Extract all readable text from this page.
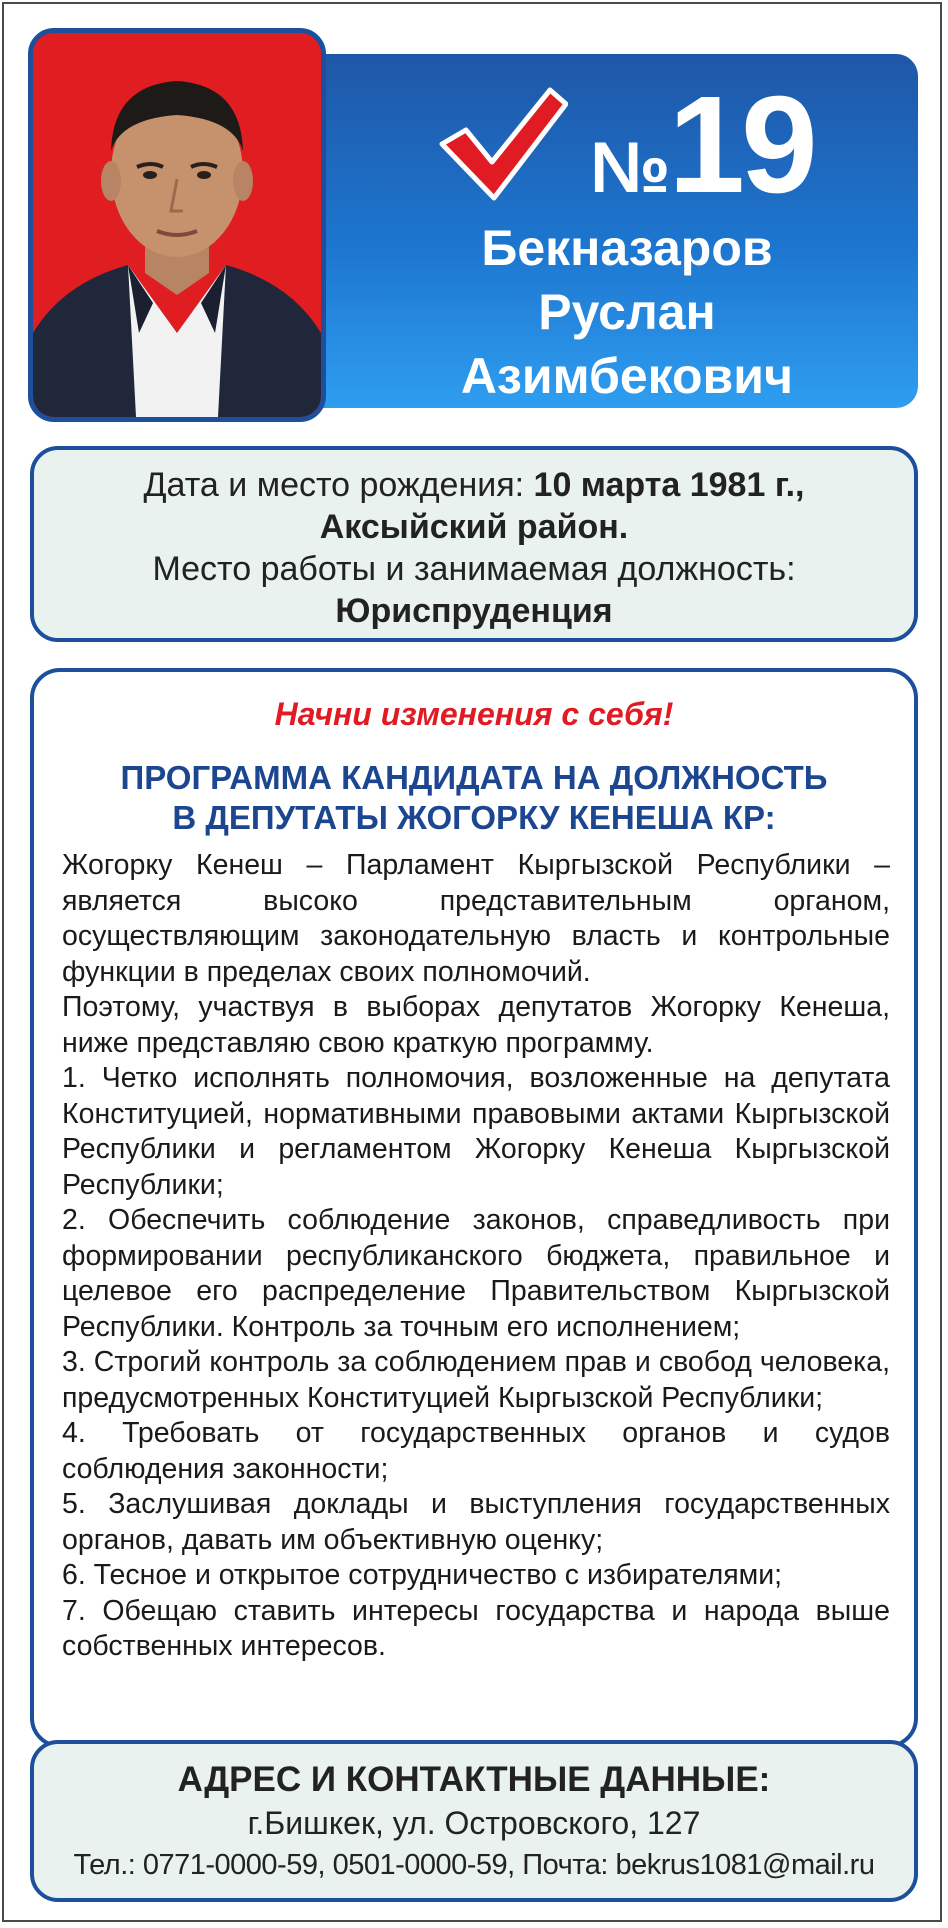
№ 19
Бекназаров
Руслан
Азимбекович
Дата и место рождения: 10 марта 1981 г.,
Аксыйский район.
Место работы и занимаемая должность:
Юриспруденция
Начни изменения с себя!
ПРОГРАММА КАНДИДАТА НА ДОЛЖНОСТЬ
В ДЕПУТАТЫ ЖОГОРКУ КЕНЕША КР:

Жогорку Кенеш – Парламент Кыргызской Республики – является высоко представительным органом, осуществляющим законодательную власть и контрольные функции в пределах своих полномочий.

Поэтому, участвуя в выборах депутатов Жогорку Кенеша, ниже представляю свою краткую программу.

1. Четко исполнять полномочия, возложенные на депутата Конституцией, нормативными правовыми актами Кыргызской Республики и регламентом Жогорку Кенеша Кыргызской Республики;

2. Обеспечить соблюдение законов, справедливость при формировании республиканского бюджета, правильное и целевое его распределение Правительством Кыргызской Республики. Контроль за точным его исполнением;

3. Строгий контроль за соблюдением прав и свобод человека, предусмотренных Конституцией Кыргызской Республики;

4. Требовать от государственных органов и судов соблюдения законности;

5. Заслушивая доклады и выступления государственных органов, давать им объективную оценку;

6. Тесное и открытое сотрудничество с избирателями;

7. Обещаю ставить интересы государства и народа выше собственных интересов.

АДРЕС И КОНТАКТНЫЕ ДАННЫЕ:
г.Бишкек, ул. Островского, 127
Тел.: 0771-0000-59, 0501-0000-59, Почта: bekrus1081@mail.ru
